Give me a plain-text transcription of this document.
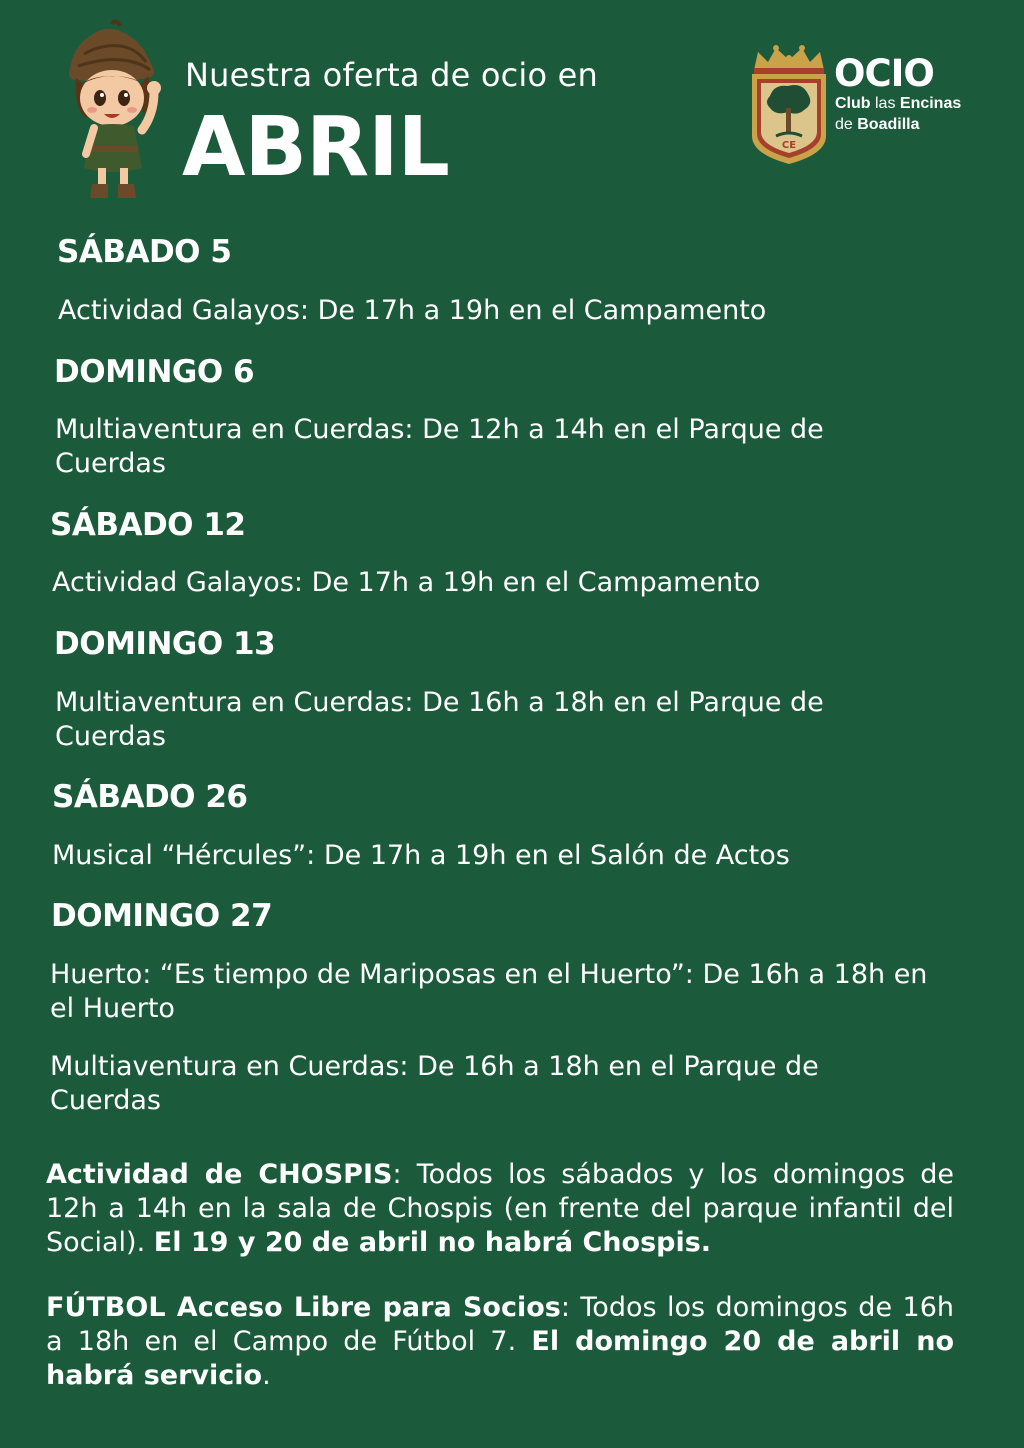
Nuestra oferta de ocio en
ABRIL	CE
OCIO
Club las Encinas
de Boadilla
SÁBADO 5
Actividad Galayos: De 17h a 19h en el Campamento
DOMINGO 6
Multiaventura en Cuerdas: De 12h a 14h en el Parque de Cuerdas
SÁBADO 12
Actividad Galayos: De 17h a 19h en el Campamento
DOMINGO 13
Multiaventura en Cuerdas: De 16h a 18h en el Parque de Cuerdas
SÁBADO 26
Musical “Hércules”: De 17h a 19h en el Salón de Actos
DOMINGO 27
Huerto: “Es tiempo de Mariposas en el Huerto”: De 16h a 18h en el Huerto
Multiaventura en Cuerdas: De 16h a 18h en el Parque de Cuerdas
Actividad de CHOSPIS: Todos los sábados y los domingos de 12h a 14h en la sala de Chospis (en frente del parque infantil del Social). El 19 y 20 de abril no habrá Chospis.
FÚTBOL Acceso Libre para Socios: Todos los domingos de 16h a 18h en el Campo de Fútbol 7. El domingo 20 de abril no habrá servicio.
